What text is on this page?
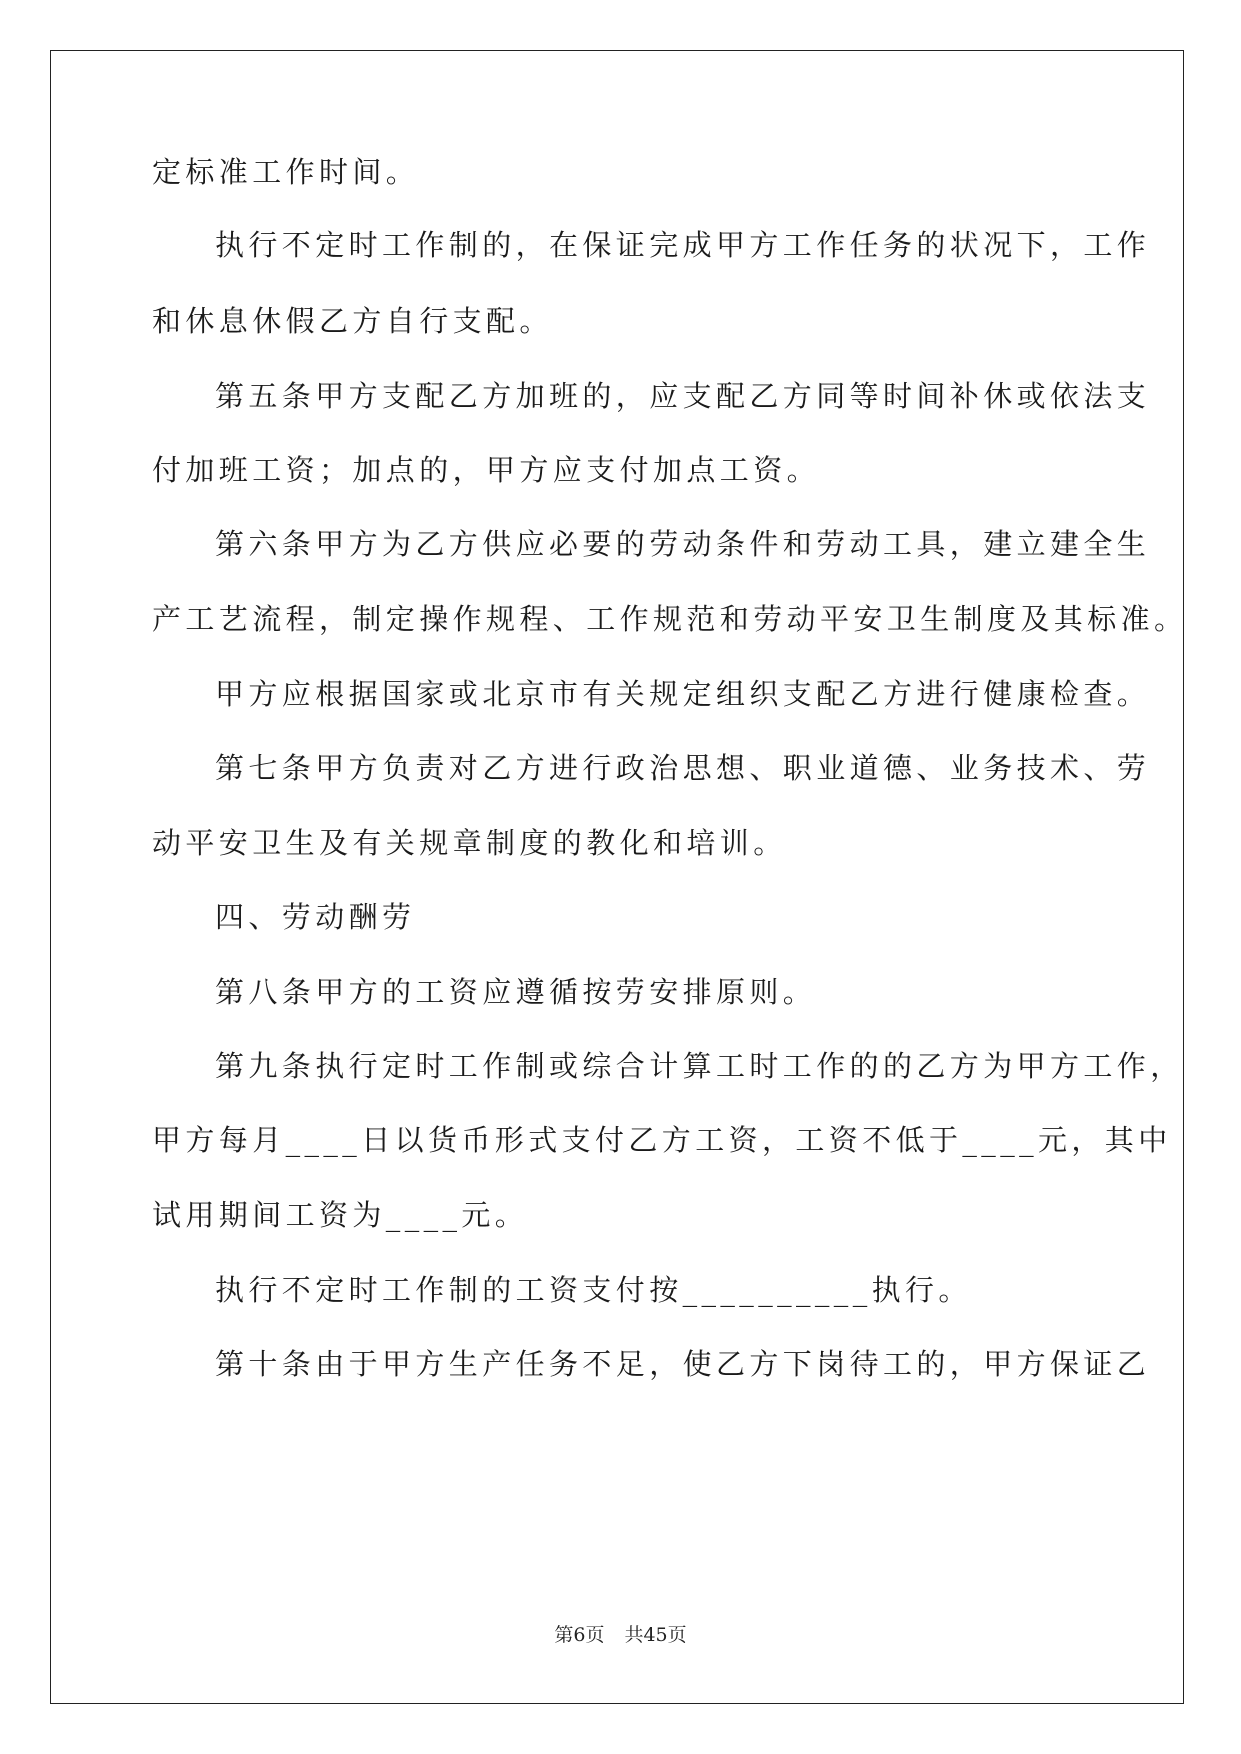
定标准工作时间。
执行不定时工作制的，在保证完成甲方工作任务的状况下，工作
和休息休假乙方自行支配。
第五条甲方支配乙方加班的，应支配乙方同等时间补休或依法支
付加班工资；加点的，甲方应支付加点工资。
第六条甲方为乙方供应必要的劳动条件和劳动工具，建立建全生
产工艺流程，制定操作规程、工作规范和劳动平安卫生制度及其标准。
甲方应根据国家或北京市有关规定组织支配乙方进行健康检查。
第七条甲方负责对乙方进行政治思想、职业道德、业务技术、劳
动平安卫生及有关规章制度的教化和培训。
四、劳动酬劳
第八条甲方的工资应遵循按劳安排原则。
第九条执行定时工作制或综合计算工时工作的的乙方为甲方工作，
甲方每月____日以货币形式支付乙方工资，工资不低于____元，其中
试用期间工资为____元。
执行不定时工作制的工资支付按__________执行。
第十条由于甲方生产任务不足，使乙方下岗待工的，甲方保证乙
第6页 共45页
